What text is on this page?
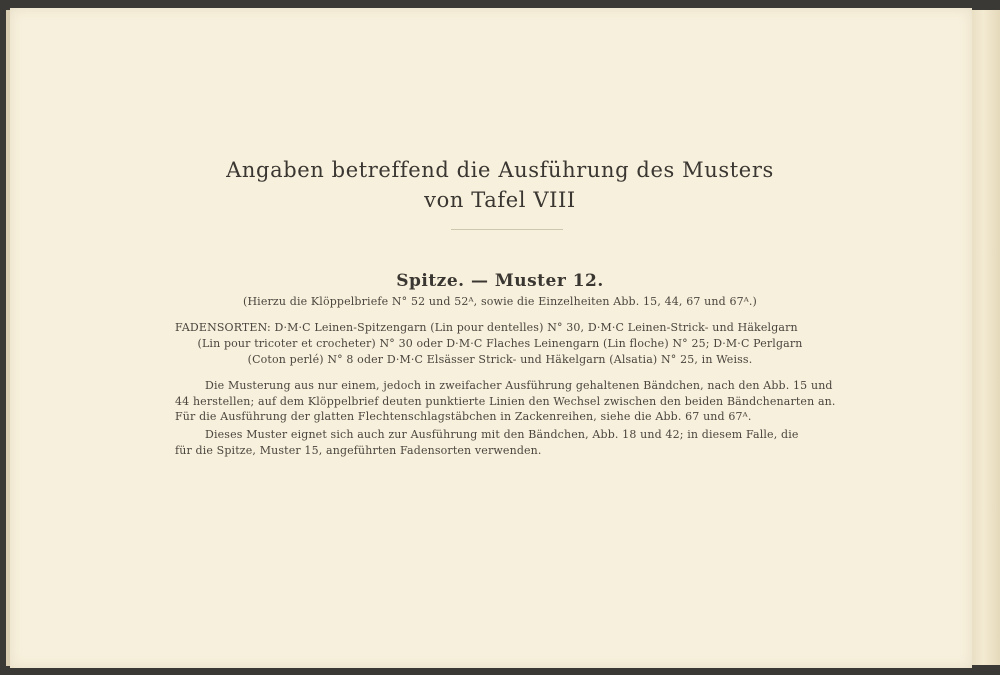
Angaben betreffend die Ausführung des Musters
von Tafel VIII
Spitze. — Muster 12.
(Hierzu die Klöppelbriefe N° 52 und 52ᴬ, sowie die Einzelheiten Abb. 15, 44, 67 und 67ᴬ.)
FADENSORTEN: D·M·C Leinen-Spitzengarn (Lin pour dentelles) N° 30, D·M·C Leinen-Strick- und Häkelgarn
(Lin pour tricoter et crocheter) N° 30 oder D·M·C Flaches Leinengarn (Lin floche) N° 25; D·M·C Perlgarn
(Coton perlé) N° 8 oder D·M·C Elsässer Strick- und Häkelgarn (Alsatia) N° 25, in Weiss.
Die Musterung aus nur einem, jedoch in zweifacher Ausführung gehaltenen Bändchen, nach den Abb. 15 und
44 herstellen; auf dem Klöppelbrief deuten punktierte Linien den Wechsel zwischen den beiden Bändchenarten an.
Für die Ausführung der glatten Flechtenschlagstäbchen in Zackenreihen, siehe die Abb. 67 und 67ᴬ.
Dieses Muster eignet sich auch zur Ausführung mit den Bändchen, Abb. 18 und 42; in diesem Falle, die
für die Spitze, Muster 15, angeführten Fadensorten verwenden.
